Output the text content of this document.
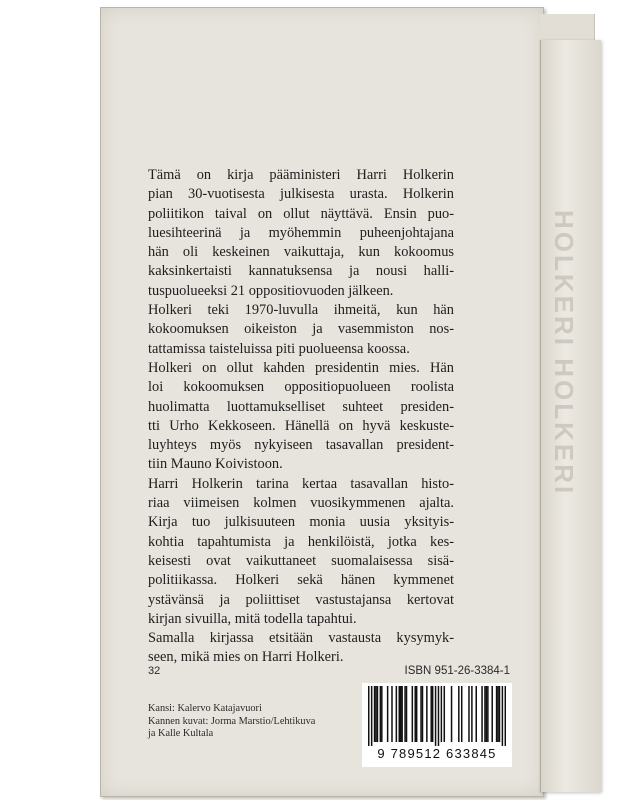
HOLKERI HOLKERI

Tämä on kirja pääministeri Harri Holkerin
pian 30-vuotisesta julkisesta urasta. Holkerin
poliitikon taival on ollut näyttävä. Ensin puo-
luesihteerinä ja myöhemmin puheenjohtajana
hän oli keskeinen vaikuttaja, kun kokoomus
kaksinkertaisti kannatuksensa ja nousi halli-
tuspuolueeksi 21 oppositiovuoden jälkeen.

Holkeri teki 1970-luvulla ihmeitä, kun hän
kokoomuksen oikeiston ja vasemmiston nos-
tattamissa taisteluissa piti puolueensa koossa.

Holkeri on ollut kahden presidentin mies. Hän
loi kokoomuksen oppositiopuolueen roolista
huolimatta luottamukselliset suhteet presiden-
tti Urho Kekkoseen. Hänellä on hyvä keskuste-
luyhteys myös nykyiseen tasavallan president-
tiin Mauno Koivistoon.

Harri Holkerin tarina kertaa tasavallan histo-
riaa viimeisen kolmen vuosikymmenen ajalta.
Kirja tuo julkisuuteen monia uusia yksityis-
kohtia tapahtumista ja henkilöistä, jotka kes-
keisesti ovat vaikuttaneet suomalaisessa sisä-
politiikassa. Holkeri sekä hänen kymmenet
ystävänsä ja poliittiset vastustajansa kertovat
kirjan sivuilla, mitä todella tapahtui.

Samalla kirjassa etsitään vastausta kysymyk-
seen, mikä mies on Harri Holkeri.

32	ISBN 951-26-3384-1
Kansi: Kalervo Katajavuori
Kannen kuvat: Jorma Marstio/Lehtikuva
ja Kalle Kultala
9 789512 633845
